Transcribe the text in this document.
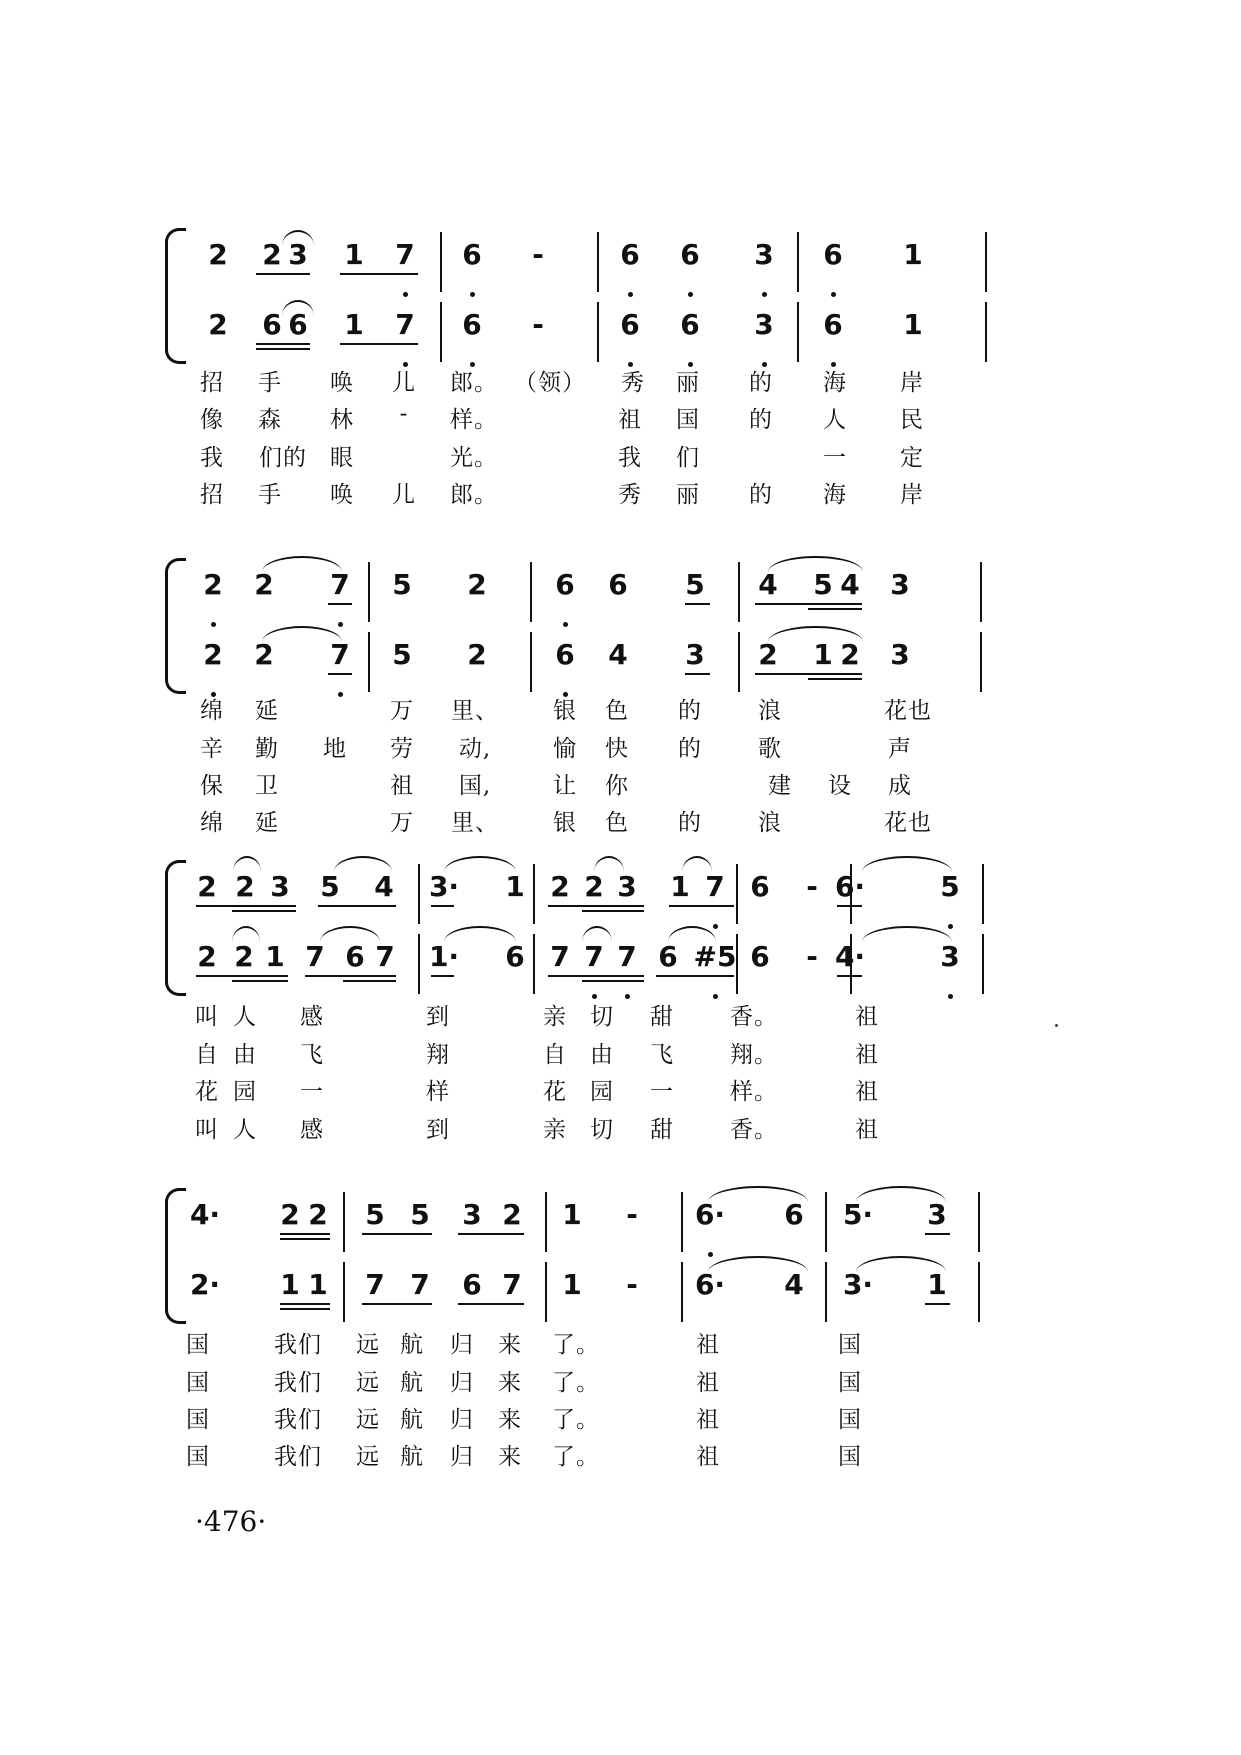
2 2 3 1 7 6 -	6 6 3 6 1
2 6 6 1 7 6 -	6 6 3 6 1
招 手 唤 儿 郎。 （领） 秀 丽 的 海 岸
像 森 林 - 样。	祖 国 的 人 民
我 们的 眼	光。	我 们	一 定
招 手 唤 儿 郎。	秀 丽 的 海 岸
2 2 7 5 2 6 6 5 4 5 4 3
2 2 7 5 2 6 4 3 2 1 2 3
绵 延	万 里、 银 色 的 浪	花也
辛 勤 地 劳 动,	愉 快 的 歌	声
保 卫	祖 国,	让 你	建 设 成
绵 延	万 里、 银 色 的 浪	花也
2 2 3 5 4 3· 1 2 2 3 1 7 6 - 6·	5
2 2 1 7 6 7 1· 6 7 7 7 6 #5 6 - 4·	3
叫 人 感	到	亲 切 甜 香。	祖
自 由 飞	翔	自 由 飞 翔。	祖
花 园 一	样	花 园 一 样。	祖
叫 人 感	到	亲 切 甜 香。	祖
4· 2 2 5 5 3 2 1 - 6· 6 5· 3
2· 1 1 7 7 6 7 1 - 6· 4 3· 1
国	我们 远 航 归 来 了。	祖	国
国	我们 远 航 归 来 了。	祖	国
国	我们 远 航 归 来 了。	祖	国
国	我们 远 航 归 来 了。	祖	国
·476·
